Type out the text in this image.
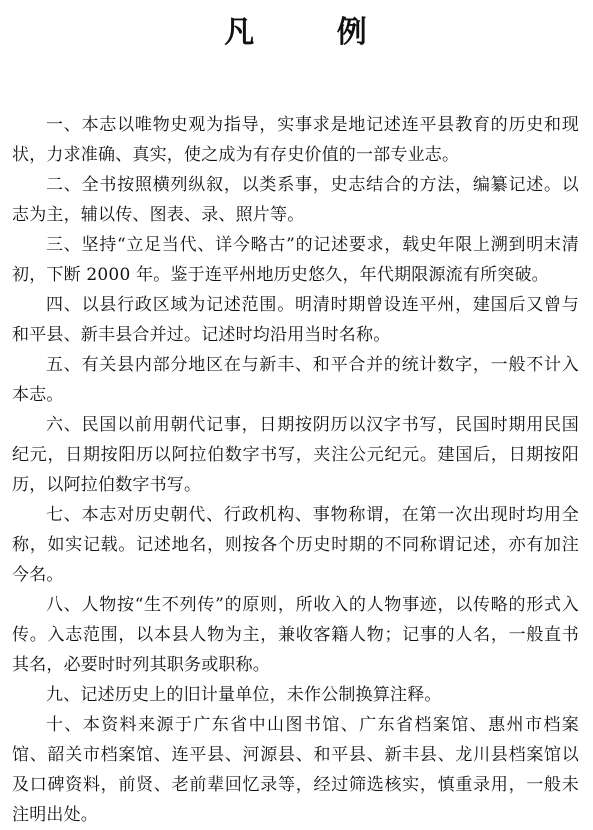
凡 例

一、本志以唯物史观为指导，实事求是地记述连平县教育的历史和现状，力求准确、真实，使之成为有存史价值的一部专业志。

二、全书按照横列纵叙，以类系事，史志结合的方法，编纂记述。以志为主，辅以传、图表、录、照片等。

三、坚持“立足当代、详今略古”的记述要求，载史年限上溯到明末清初，下断 2000 年。鉴于连平州地历史悠久，年代期限源流有所突破。

四、以县行政区域为记述范围。明清时期曾设连平州，建国后又曾与和平县、新丰县合并过。记述时均沿用当时名称。

五、有关县内部分地区在与新丰、和平合并的统计数字，一般不计入本志。

六、民国以前用朝代记事，日期按阴历以汉字书写，民国时期用民国纪元，日期按阳历以阿拉伯数字书写，夹注公元纪元。建国后，日期按阳历，以阿拉伯数字书写。

七、本志对历史朝代、行政机构、事物称谓，在第一次出现时均用全称，如实记载。记述地名，则按各个历史时期的不同称谓记述，亦有加注今名。

八、人物按“生不列传”的原则，所收入的人物事迹，以传略的形式入传。入志范围，以本县人物为主，兼收客籍人物；记事的人名，一般直书其名，必要时时列其职务或职称。

九、记述历史上的旧计量单位，未作公制换算注释。

十、本资料来源于广东省中山图书馆、广东省档案馆、惠州市档案馆、韶关市档案馆、连平县、河源县、和平县、新丰县、龙川县档案馆以及口碑资料，前贤、老前辈回忆录等，经过筛选核实，慎重录用，一般未注明出处。
